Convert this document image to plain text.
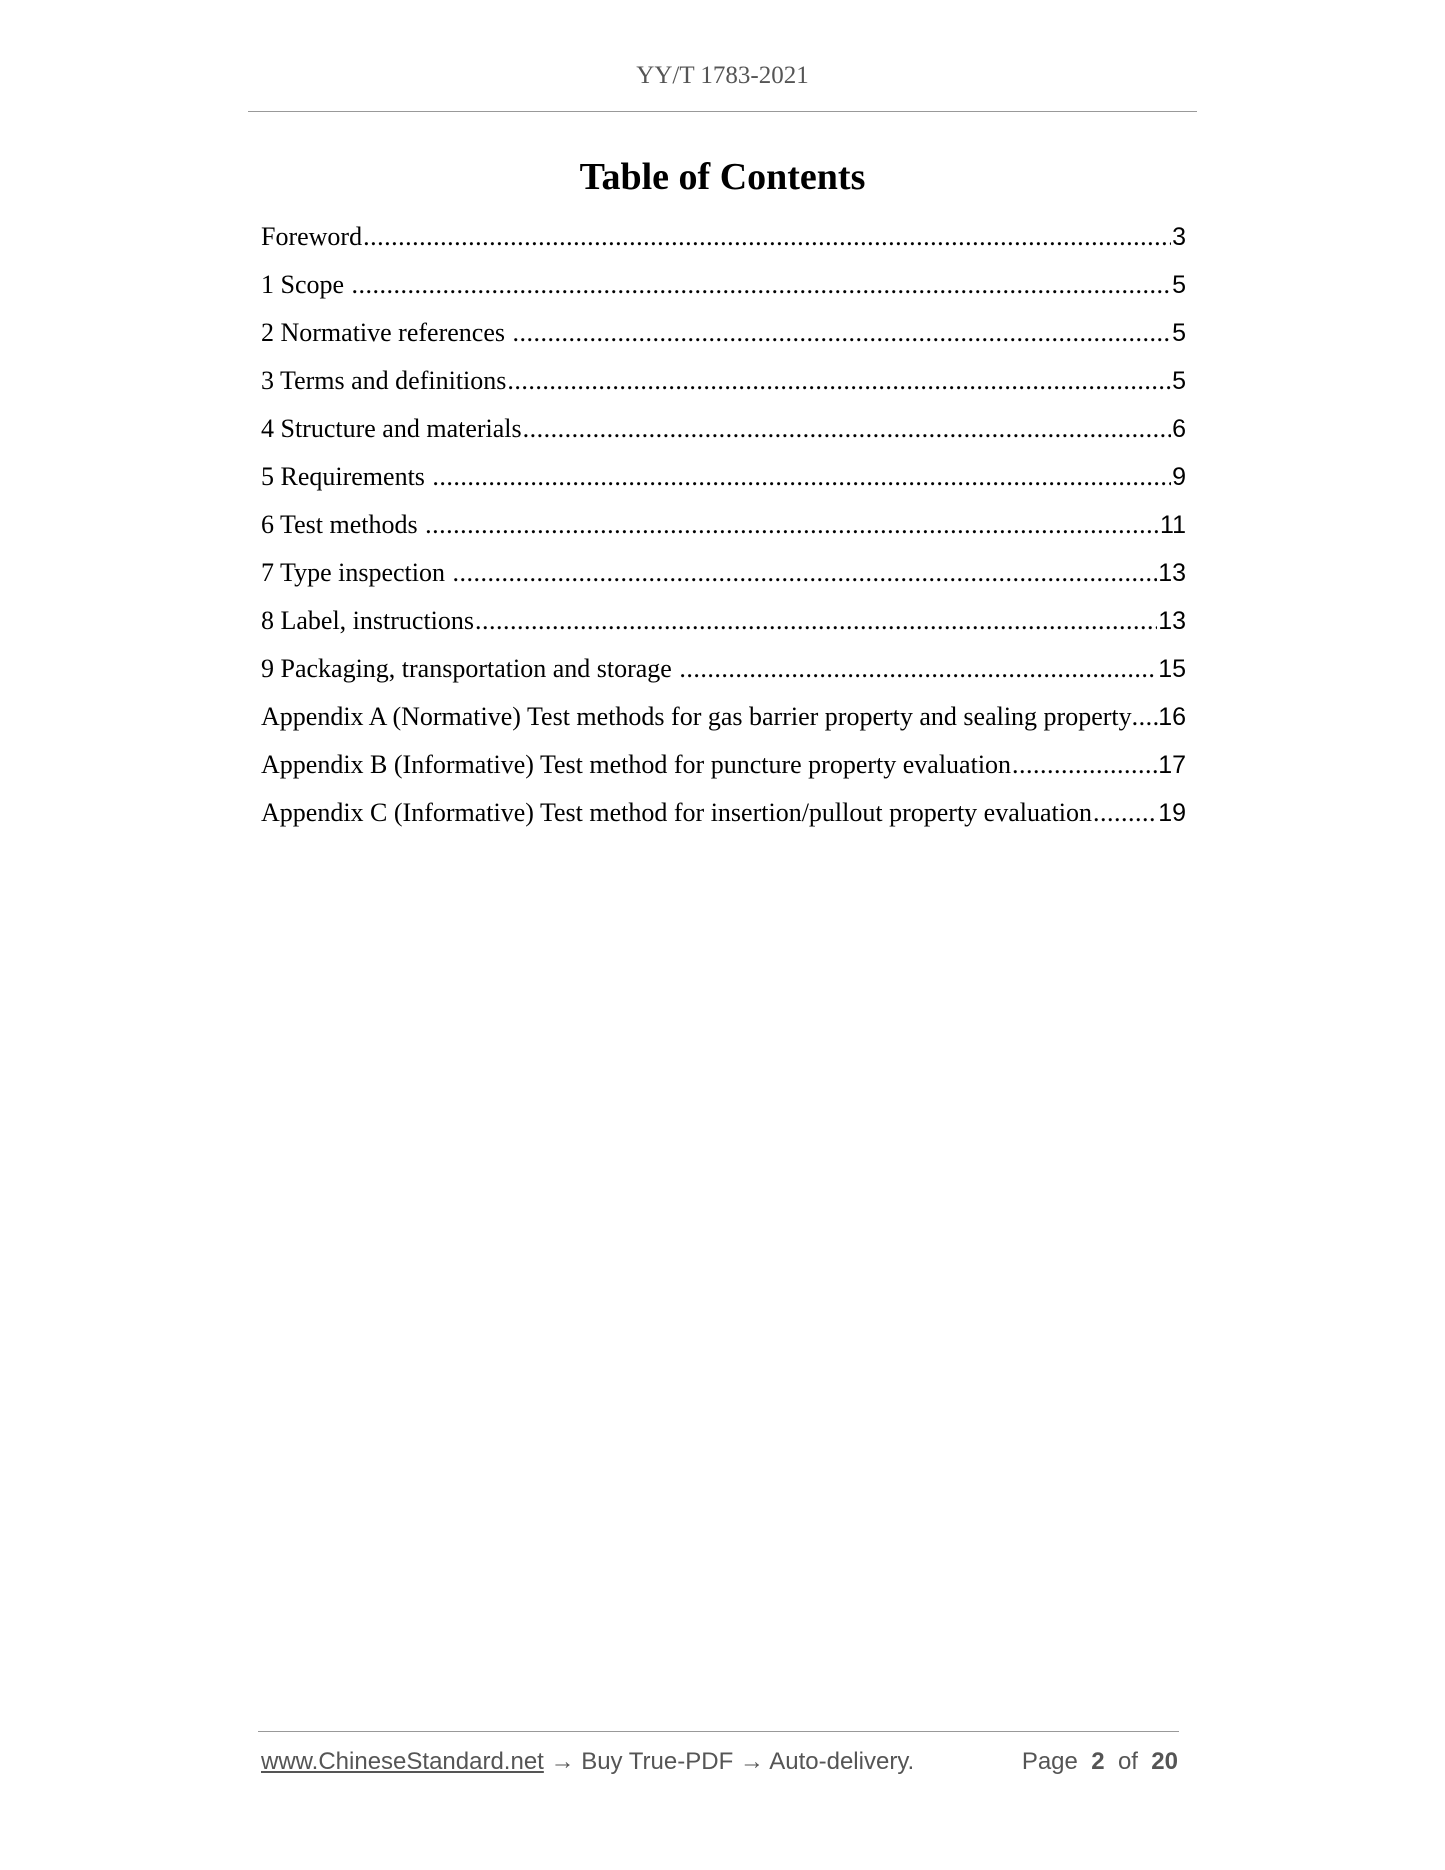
YY/T 1783-2021
Table of Contents
Foreword .....	3
1 Scope .....	5
2 Normative references .....	5
3 Terms and definitions .....	5
4 Structure and materials .....	6
5 Requirements .....	9
6 Test methods .....	11
7 Type inspection .....	13
8 Label, instructions .....	13
9 Packaging, transportation and storage .....	15
Appendix A (Normative) Test methods for gas barrier property and sealing property ..... 16
Appendix B (Informative) Test method for puncture property evaluation .....	17
Appendix C (Informative) Test method for insertion/pullout property evaluation .....	19
www.ChineseStandard.net → Buy True-PDF → Auto-delivery.	Page 2 of 20
